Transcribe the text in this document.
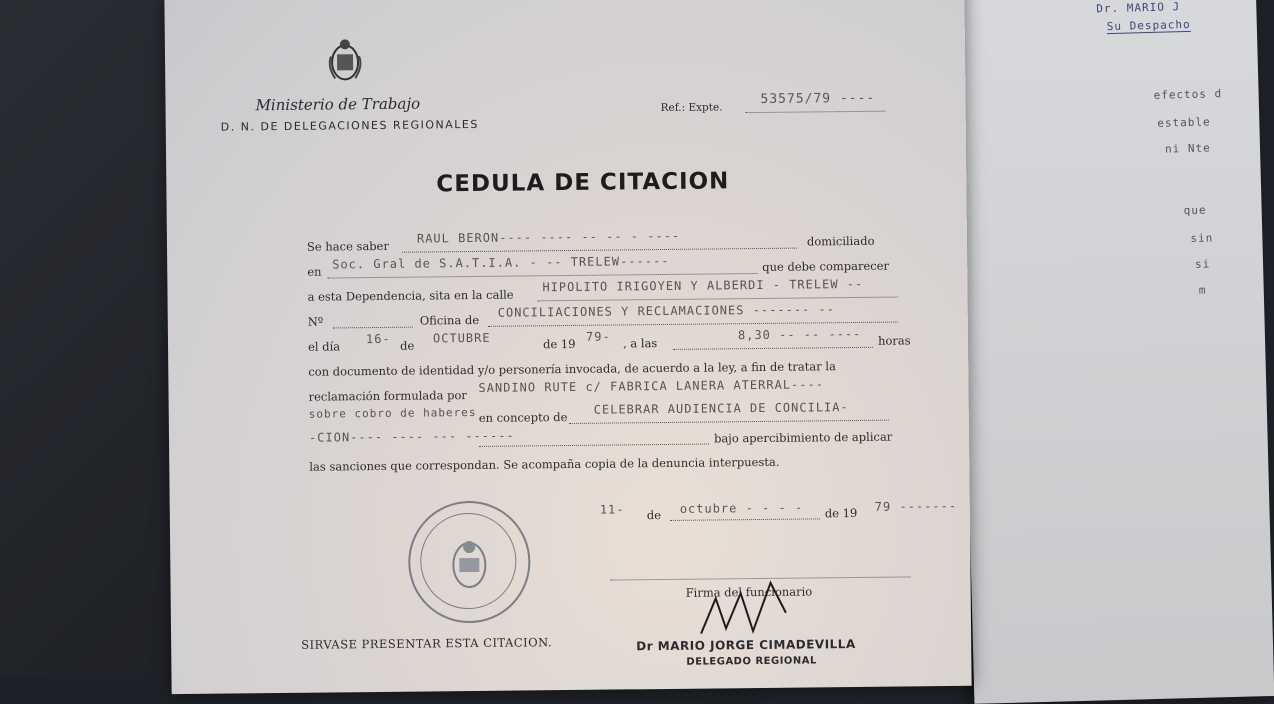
Dr. MARIO J
Su Despacho
efectos d
estable
ni Nte
que
sin
si
m
Ministerio de Trabajo
D. N. DE DELEGACIONES REGIONALES
Ref.: Expte.
53575/79 ----
CEDULA DE CITACION
Se hace saber
RAUL BERON---- ---- -- -- - ----	domiciliado
en
Soc. Gral de S.A.T.I.A. - -- TRELEW------	que debe comparecer
a esta Dependencia, sita en la calle
HIPOLITO IRIGOYEN Y ALBERDI - TRELEW --
Nº	Oficina de
CONCILIACIONES Y RECLAMACIONES ------- --
el día
16- de
OCTUBRE	de 19
79- , a las
8,30 -- -- ---- horas
con documento de identidad y/o personería invocada, de acuerdo a la ley, a fin de tratar la
reclamación formulada por
SANDINO RUTE c/ FABRICA LANERA ATERRAL----
sobre cobro de haberes en concepto de
CELEBRAR AUDIENCIA DE CONCILIA-
-CION---- ---- --- ------	bajo apercibimiento de aplicar
las sanciones que correspondan. Se acompaña copia de la denuncia interpuesta.
11- de octubre - - - - de 19 79 -------
Firma del funcionario
Dr MARIO JORGE CIMADEVILLA
DELEGADO REGIONAL
SIRVASE PRESENTAR ESTA CITACION.
